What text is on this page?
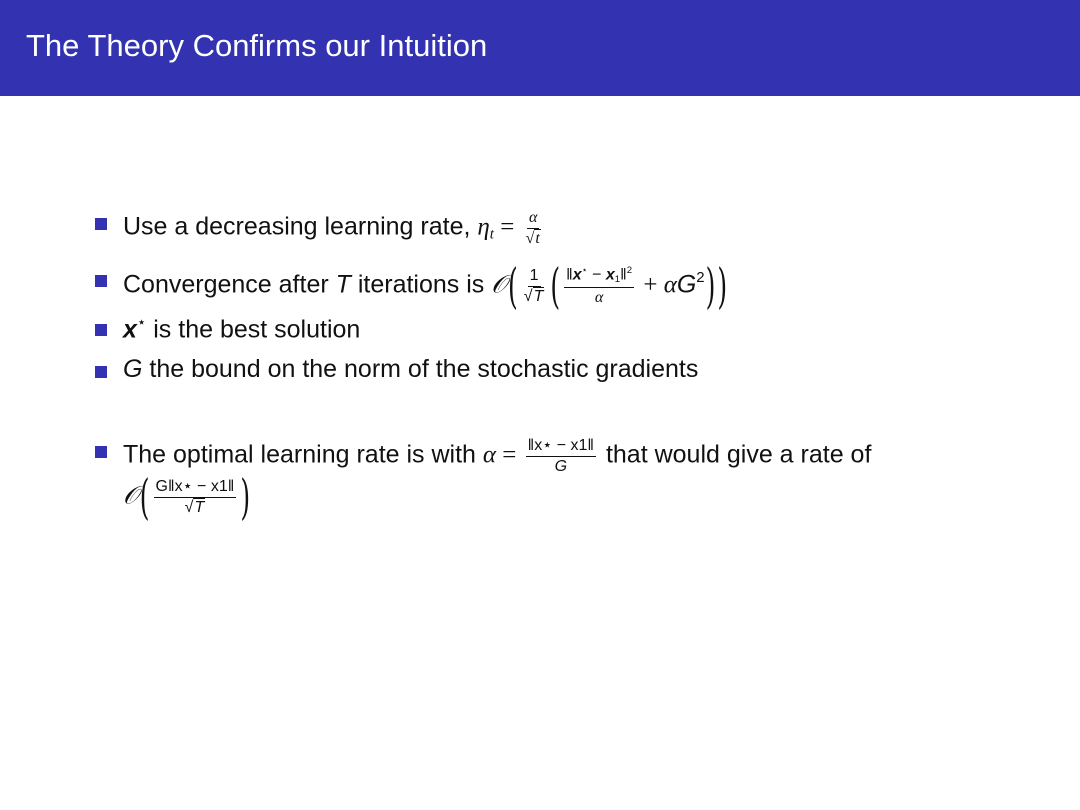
The Theory Confirms our Intuition
Use a decreasing learning rate, $\eta_t = \frac{\alpha}{√t}$
Convergence after T iterations is 𝒪( $\frac{1}{√T}$ ( $\frac{‖x^⋆ - x_1‖^2}{\alpha} + \alpha G^2$))
x⋆ is the best solution
G the bound on the norm of the stochastic gradients
The optimal learning rate is with $\alpha = \frac{‖x⋆ - x1‖}{G}$ that would give a rate of
𝒪( $\frac{G‖x⋆ - x1‖}{√T}$ )
